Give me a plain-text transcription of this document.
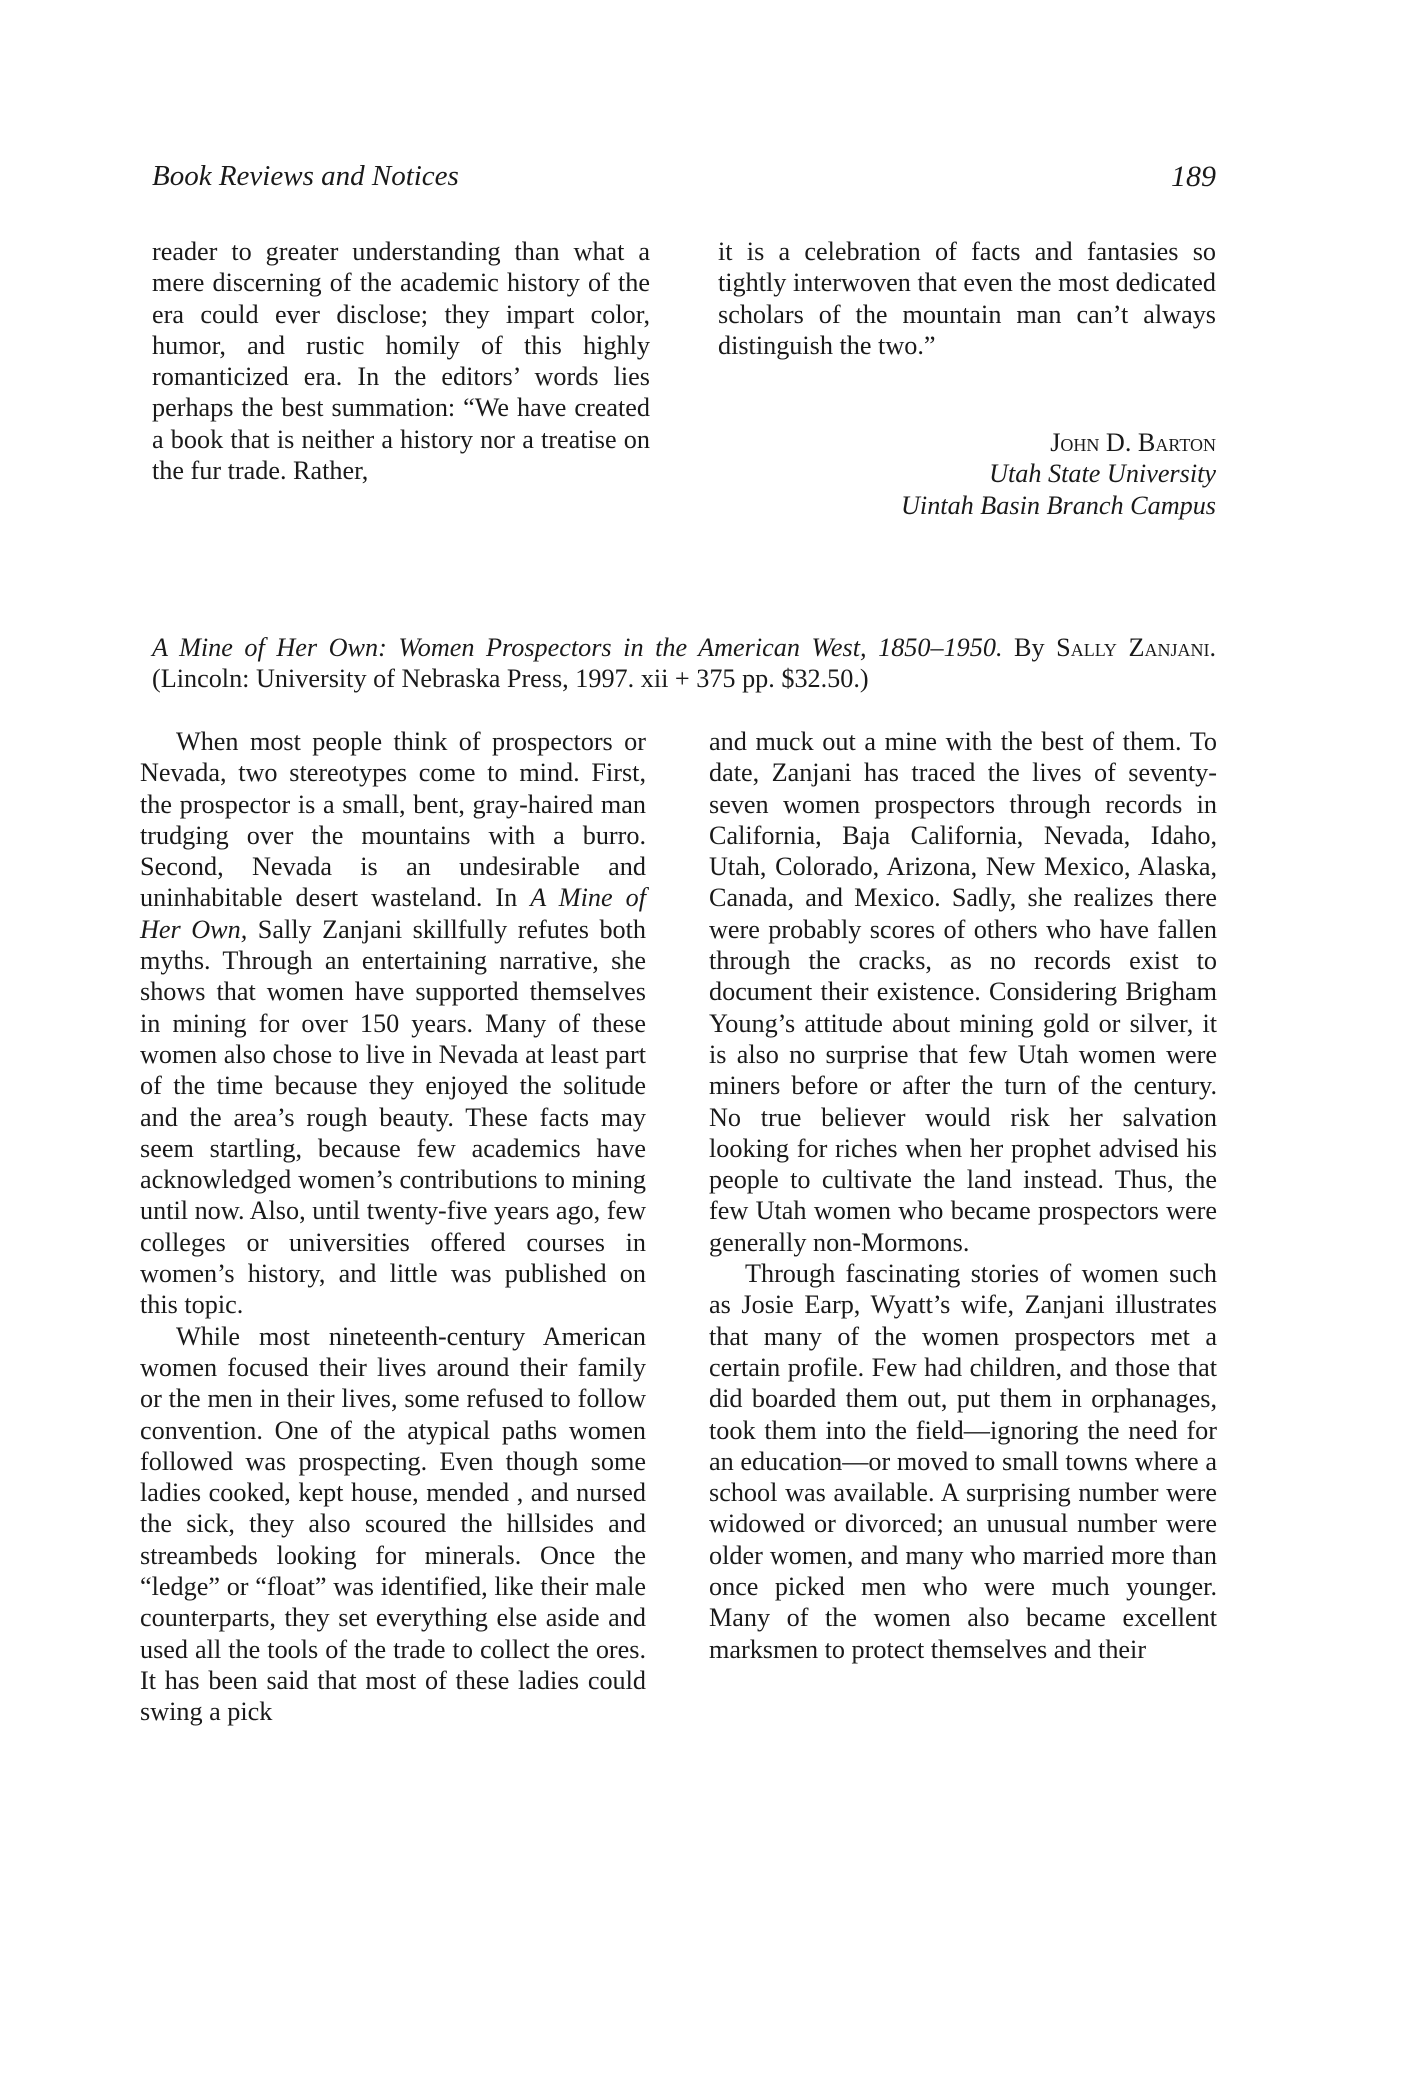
Book Reviews and Notices	189

reader to greater understanding than what a mere discerning of the academic history of the era could ever disclose; they impart color, humor, and rustic homily of this highly romanticized era. In the editors’ words lies perhaps the best summation: “We have created a book that is neither a history nor a treatise on the fur trade. Rather,

it is a celebration of facts and fantasies so tightly interwoven that even the most dedicated scholars of the mountain man can’t always distinguish the two.”

John D. Barton
Utah State University
Uintah Basin Branch Campus
A Mine of Her Own: Women Prospectors in the American West, 1850–1950. By Sally Zanjani. (Lincoln: University of Nebraska Press, 1997. xii + 375 pp. $32.50.)

When most people think of prospectors or Nevada, two stereotypes come to mind. First, the prospector is a small, bent, gray-haired man trudging over the mountains with a burro. Second, Nevada is an undesirable and uninhabitable desert wasteland. In A Mine of Her Own, Sally Zanjani skillfully refutes both myths. Through an entertaining narrative, she shows that women have supported themselves in mining for over 150 years. Many of these women also chose to live in Nevada at least part of the time because they enjoyed the solitude and the area’s rough beauty. These facts may seem startling, because few academics have acknowledged women’s contributions to mining until now. Also, until twenty-five years ago, few colleges or universities offered courses in women’s history, and little was published on this topic.

While most nineteenth-century American women focused their lives around their family or the men in their lives, some refused to follow convention. One of the atypical paths women followed was prospecting. Even though some ladies cooked, kept house, mended , and nursed the sick, they also scoured the hillsides and streambeds looking for minerals. Once the “ledge” or “float” was identified, like their male counterparts, they set everything else aside and used all the tools of the trade to collect the ores. It has been said that most of these ladies could swing a pick

and muck out a mine with the best of them. To date, Zanjani has traced the lives of seventy-seven women prospectors through records in California, Baja California, Nevada, Idaho, Utah, Colorado, Arizona, New Mexico, Alaska, Canada, and Mexico. Sadly, she realizes there were probably scores of others who have fallen through the cracks, as no records exist to document their existence. Considering Brigham Young’s attitude about mining gold or silver, it is also no surprise that few Utah women were miners before or after the turn of the century. No true believer would risk her salvation looking for riches when her prophet advised his people to cultivate the land instead. Thus, the few Utah women who became prospectors were generally non-Mormons.

Through fascinating stories of women such as Josie Earp, Wyatt’s wife, Zanjani illustrates that many of the women prospectors met a certain profile. Few had children, and those that did boarded them out, put them in orphanages, took them into the field—ignoring the need for an education—or moved to small towns where a school was available. A surprising number were widowed or divorced; an unusual number were older women, and many who married more than once picked men who were much younger. Many of the women also became excellent marksmen to protect themselves and their
